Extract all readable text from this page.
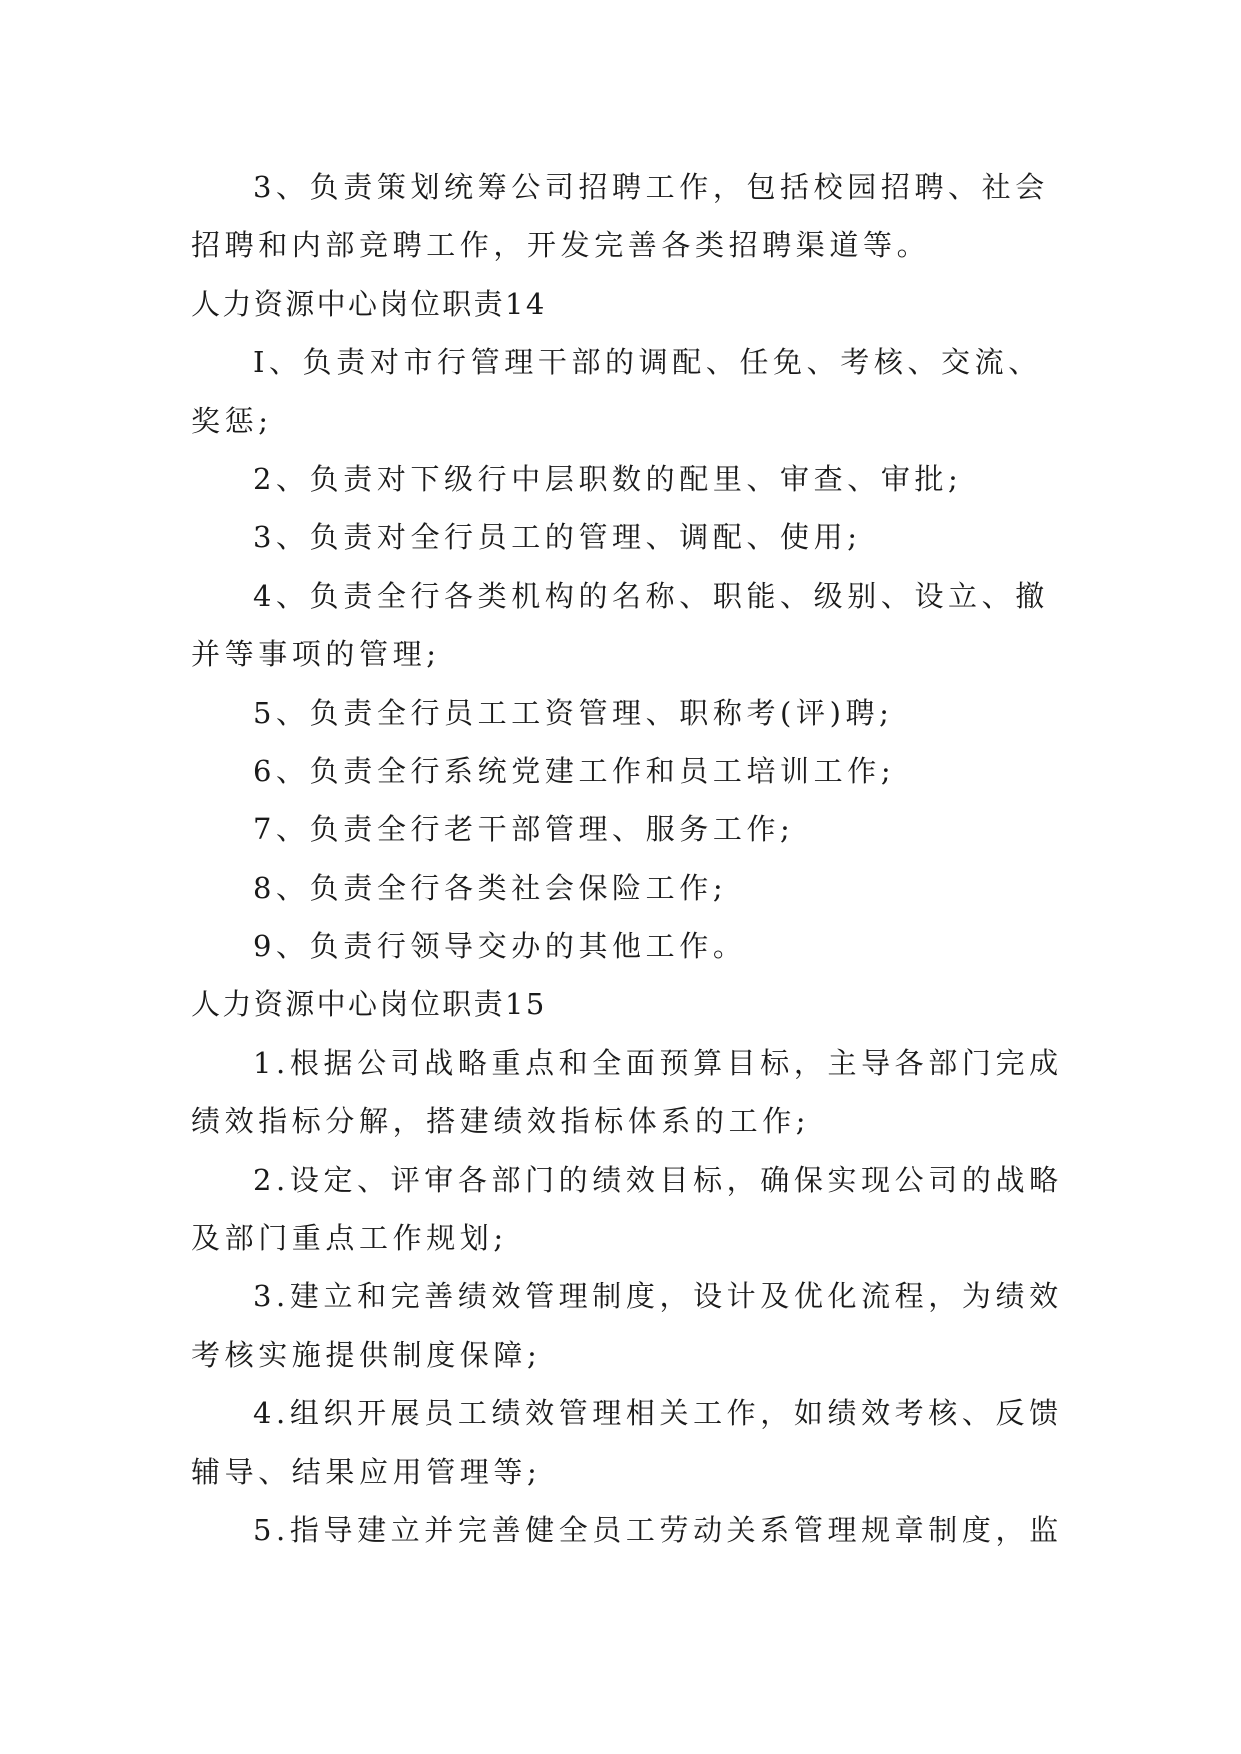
3、负责策划统筹公司招聘工作，包括校园招聘、社会
招聘和内部竞聘工作，开发完善各类招聘渠道等。
人力资源中心岗位职责14
I、负责对市行管理干部的调配、任免、考核、交流、
奖惩;
2、负责对下级行中层职数的配里、审查、审批;
3、负责对全行员工的管理、调配、使用;
4、负责全行各类机构的名称、职能、级别、设立、撤
并等事项的管理;
5、负责全行员工工资管理、职称考(评)聘;
6、负责全行系统党建工作和员工培训工作;
7、负责全行老干部管理、服务工作;
8、负责全行各类社会保险工作;
9、负责行领导交办的其他工作。
人力资源中心岗位职责15
1.根据公司战略重点和全面预算目标，主导各部门完成
绩效指标分解，搭建绩效指标体系的工作;
2.设定、评审各部门的绩效目标，确保实现公司的战略
及部门重点工作规划;
3.建立和完善绩效管理制度，设计及优化流程，为绩效
考核实施提供制度保障;
4.组织开展员工绩效管理相关工作，如绩效考核、反馈
辅导、结果应用管理等;
5.指导建立并完善健全员工劳动关系管理规章制度，监
